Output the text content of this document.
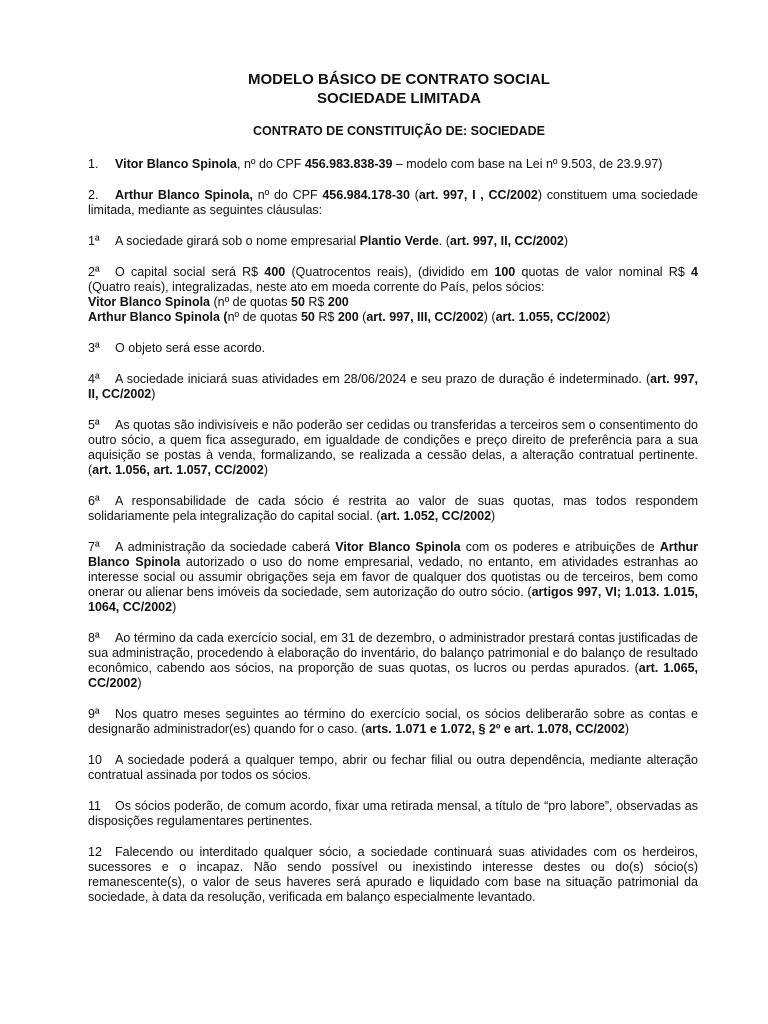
MODELO BÁSICO DE CONTRATO SOCIAL
SOCIEDADE LIMITADA
CONTRATO DE CONSTITUIÇÃO DE: SOCIEDADE
1. Vitor Blanco Spinola, nº do CPF 456.983.838-39 – modelo com base na Lei nº 9.503, de 23.9.97)
2. Arthur Blanco Spinola, nº do CPF 456.984.178-30 (art. 997, I , CC/2002) constituem uma sociedade limitada, mediante as seguintes cláusulas:
1ª A sociedade girará sob o nome empresarial Plantio Verde. (art. 997, II, CC/2002)
2ª O capital social será R$ 400 (Quatrocentos reais), (dividido em 100 quotas de valor nominal R$ 4 (Quatro reais), integralizadas, neste ato em moeda corrente do País, pelos sócios:
Vitor Blanco Spinola (nº de quotas 50 R$ 200
Arthur Blanco Spinola (nº de quotas 50 R$ 200 (art. 997, III, CC/2002) (art. 1.055, CC/2002)
3ª O objeto será esse acordo.
4ª A sociedade iniciará suas atividades em 28/06/2024 e seu prazo de duração é indeterminado. (art. 997, II, CC/2002)
5ª As quotas são indivisíveis e não poderão ser cedidas ou transferidas a terceiros sem o consentimento do outro sócio, a quem fica assegurado, em igualdade de condições e preço direito de preferência para a sua aquisição se postas à venda, formalizando, se realizada a cessão delas, a alteração contratual pertinente. (art. 1.056, art. 1.057, CC/2002)
6ª A responsabilidade de cada sócio é restrita ao valor de suas quotas, mas todos respondem solidariamente pela integralização do capital social. (art. 1.052, CC/2002)
7ª A administração da sociedade caberá Vitor Blanco Spinola com os poderes e atribuições de Arthur Blanco Spinola autorizado o uso do nome empresarial, vedado, no entanto, em atividades estranhas ao interesse social ou assumir obrigações seja em favor de qualquer dos quotistas ou de terceiros, bem como onerar ou alienar bens imóveis da sociedade, sem autorização do outro sócio. (artigos 997, VI; 1.013. 1.015, 1064, CC/2002)
8ª Ao término da cada exercício social, em 31 de dezembro, o administrador prestará contas justificadas de sua administração, procedendo à elaboração do inventário, do balanço patrimonial e do balanço de resultado econômico, cabendo aos sócios, na proporção de suas quotas, os lucros ou perdas apurados. (art. 1.065, CC/2002)
9ª Nos quatro meses seguintes ao término do exercício social, os sócios deliberarão sobre as contas e designarão administrador(es) quando for o caso. (arts. 1.071 e 1.072, § 2º e art. 1.078, CC/2002)
10 A sociedade poderá a qualquer tempo, abrir ou fechar filial ou outra dependência, mediante alteração contratual assinada por todos os sócios.
11 Os sócios poderão, de comum acordo, fixar uma retirada mensal, a título de “pro labore”, observadas as disposições regulamentares pertinentes.
12 Falecendo ou interditado qualquer sócio, a sociedade continuará suas atividades com os herdeiros, sucessores e o incapaz. Não sendo possível ou inexistindo interesse destes ou do(s) sócio(s) remanescente(s), o valor de seus haveres será apurado e liquidado com base na situação patrimonial da sociedade, à data da resolução, verificada em balanço especialmente levantado.
